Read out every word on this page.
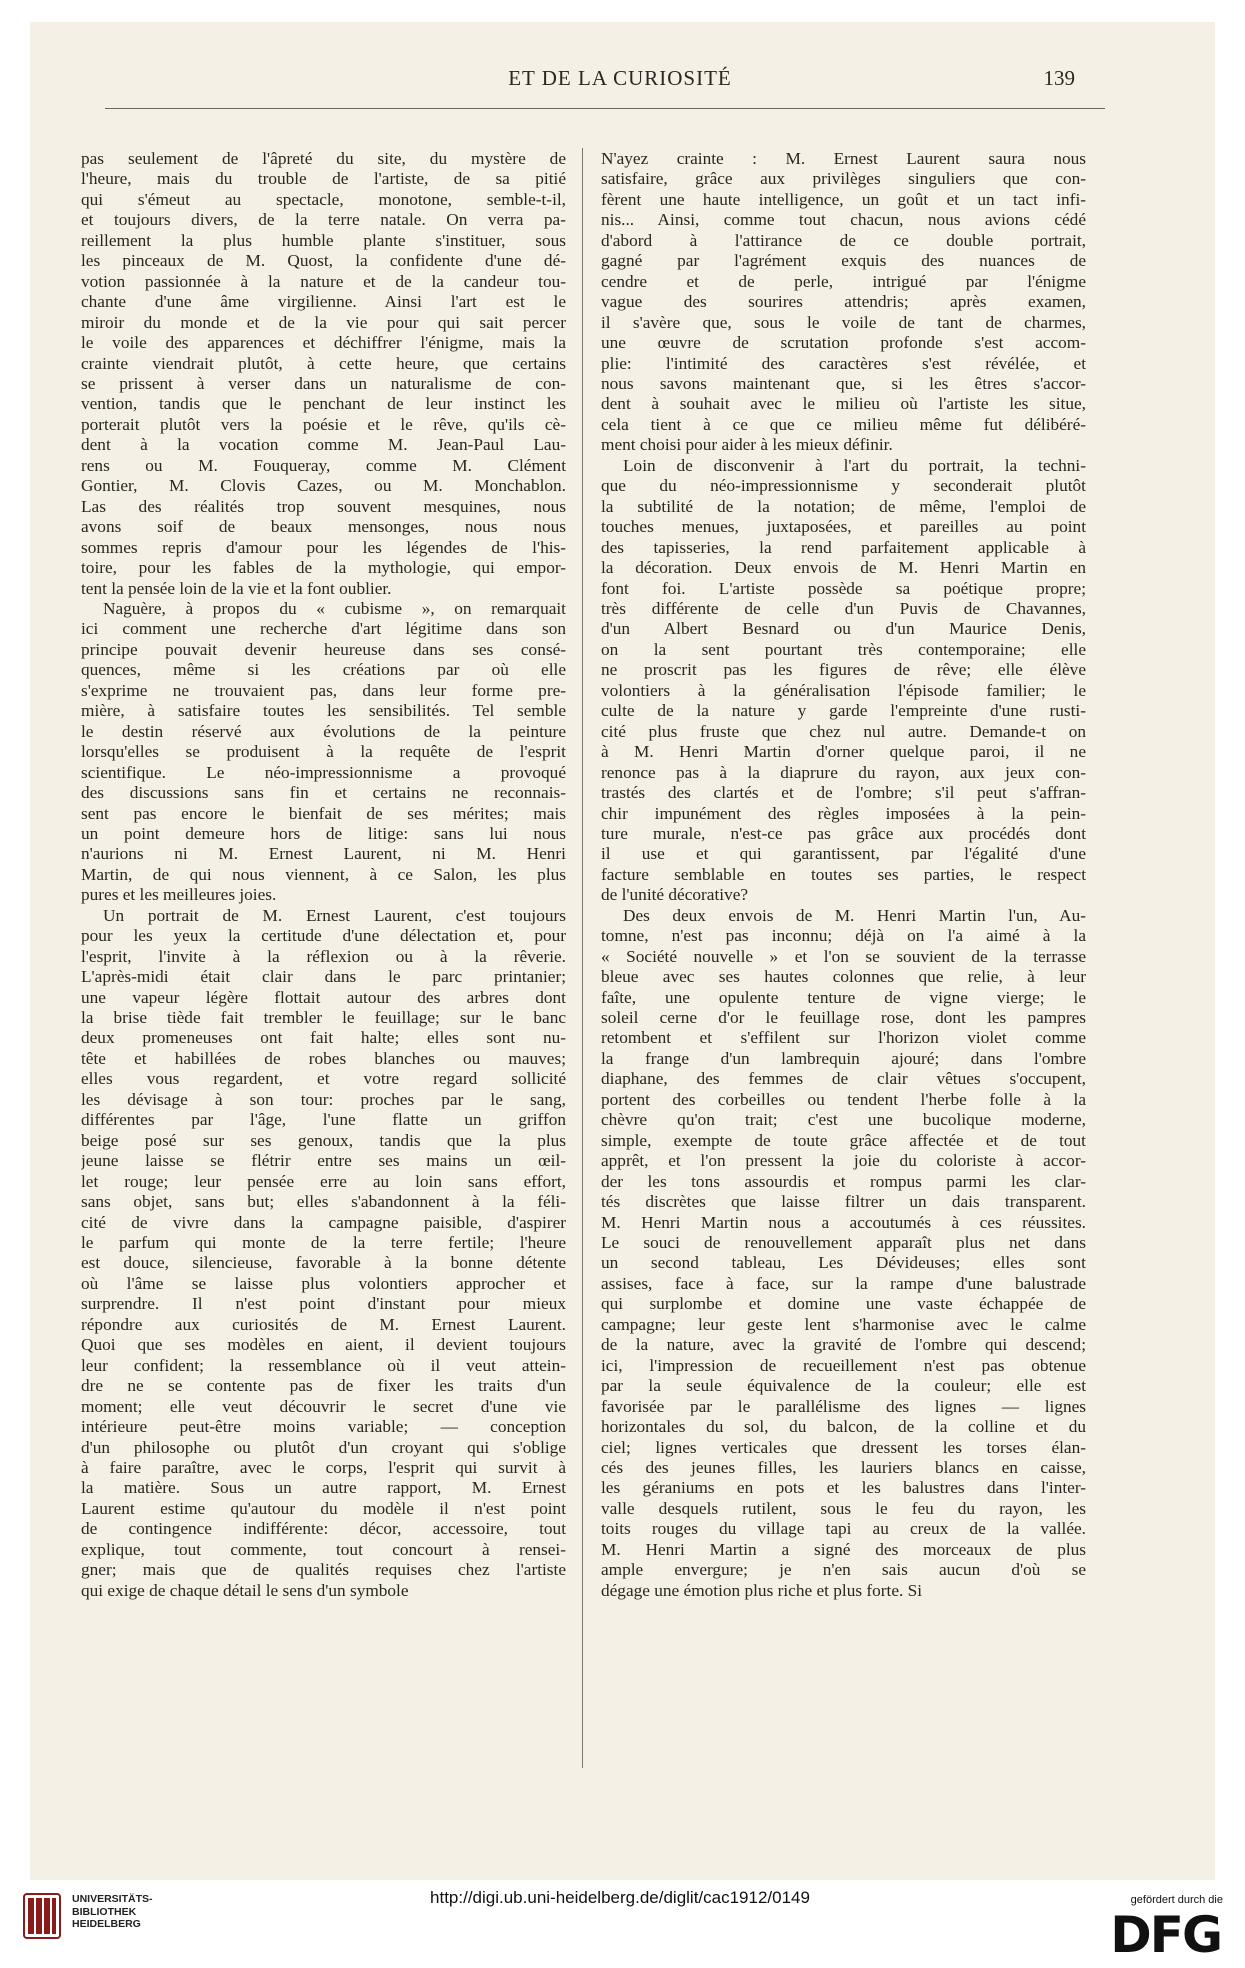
ET DE LA CURIOSITÉ	139

pas seulement de l'âpreté du site, du mystère de

l'heure, mais du trouble de l'artiste, de sa pitié

qui s'émeut au spectacle, monotone, semble-t-il,

et toujours divers, de la terre natale. On verra pa-

reillement la plus humble plante s'instituer, sous

les pinceaux de M. Quost, la confidente d'une dé-

votion passionnée à la nature et de la candeur tou-

chante d'une âme virgilienne. Ainsi l'art est le

miroir du monde et de la vie pour qui sait percer

le voile des apparences et déchiffrer l'énigme, mais la

crainte viendrait plutôt, à cette heure, que certains

se prissent à verser dans un naturalisme de con-

vention, tandis que le penchant de leur instinct les

porterait plutôt vers la poésie et le rêve, qu'ils cè-

dent à la vocation comme M. Jean-Paul Lau-

rens ou M. Fouqueray, comme M. Clément

Gontier, M. Clovis Cazes, ou M. Monchablon.

Las des réalités trop souvent mesquines, nous

avons soif de beaux mensonges, nous nous

sommes repris d'amour pour les légendes de l'his-

toire, pour les fables de la mythologie, qui empor-

tent la pensée loin de la vie et la font oublier.

Naguère, à propos du « cubisme », on remarquait

ici comment une recherche d'art légitime dans son

principe pouvait devenir heureuse dans ses consé-

quences, même si les créations par où elle

s'exprime ne trouvaient pas, dans leur forme pre-

mière, à satisfaire toutes les sensibilités. Tel semble

le destin réservé aux évolutions de la peinture

lorsqu'elles se produisent à la requête de l'esprit

scientifique. Le néo-impressionnisme a provoqué

des discussions sans fin et certains ne reconnais-

sent pas encore le bienfait de ses mérites; mais

un point demeure hors de litige: sans lui nous

n'aurions ni M. Ernest Laurent, ni M. Henri

Martin, de qui nous viennent, à ce Salon, les plus

pures et les meilleures joies.

Un portrait de M. Ernest Laurent, c'est toujours

pour les yeux la certitude d'une délectation et, pour

l'esprit, l'invite à la réflexion ou à la rêverie.

L'après-midi était clair dans le parc printanier;

une vapeur légère flottait autour des arbres dont

la brise tiède fait trembler le feuillage; sur le banc

deux promeneuses ont fait halte; elles sont nu-

tête et habillées de robes blanches ou mauves;

elles vous regardent, et votre regard sollicité

les dévisage à son tour: proches par le sang,

différentes par l'âge, l'une flatte un griffon

beige posé sur ses genoux, tandis que la plus

jeune laisse se flétrir entre ses mains un œil-

let rouge; leur pensée erre au loin sans effort,

sans objet, sans but; elles s'abandonnent à la féli-

cité de vivre dans la campagne paisible, d'aspirer

le parfum qui monte de la terre fertile; l'heure

est douce, silencieuse, favorable à la bonne détente

où l'âme se laisse plus volontiers approcher et

surprendre. Il n'est point d'instant pour mieux

répondre aux curiosités de M. Ernest Laurent.

Quoi que ses modèles en aient, il devient toujours

leur confident; la ressemblance où il veut attein-

dre ne se contente pas de fixer les traits d'un

moment; elle veut découvrir le secret d'une vie

intérieure peut-être moins variable; — conception

d'un philosophe ou plutôt d'un croyant qui s'oblige

à faire paraître, avec le corps, l'esprit qui survit à

la matière. Sous un autre rapport, M. Ernest

Laurent estime qu'autour du modèle il n'est point

de contingence indifférente: décor, accessoire, tout

explique, tout commente, tout concourt à rensei-

gner; mais que de qualités requises chez l'artiste

qui exige de chaque détail le sens d'un symbole

N'ayez crainte : M. Ernest Laurent saura nous

satisfaire, grâce aux privilèges singuliers que con-

fèrent une haute intelligence, un goût et un tact infi-

nis... Ainsi, comme tout chacun, nous avions cédé

d'abord à l'attirance de ce double portrait,

gagné par l'agrément exquis des nuances de

cendre et de perle, intrigué par l'énigme

vague des sourires attendris; après examen,

il s'avère que, sous le voile de tant de charmes,

une œuvre de scrutation profonde s'est accom-

plie: l'intimité des caractères s'est révélée, et

nous savons maintenant que, si les êtres s'accor-

dent à souhait avec le milieu où l'artiste les situe,

cela tient à ce que ce milieu même fut délibéré-

ment choisi pour aider à les mieux définir.

Loin de disconvenir à l'art du portrait, la techni-

que du néo-impressionnisme y seconderait plutôt

la subtilité de la notation; de même, l'emploi de

touches menues, juxtaposées, et pareilles au point

des tapisseries, la rend parfaitement applicable à

la décoration. Deux envois de M. Henri Martin en

font foi. L'artiste possède sa poétique propre;

très différente de celle d'un Puvis de Chavannes,

d'un Albert Besnard ou d'un Maurice Denis,

on la sent pourtant très contemporaine; elle

ne proscrit pas les figures de rêve; elle élève

volontiers à la généralisation l'épisode familier; le

culte de la nature y garde l'empreinte d'une rusti-

cité plus fruste que chez nul autre. Demande-t on

à M. Henri Martin d'orner quelque paroi, il ne

renonce pas à la diaprure du rayon, aux jeux con-

trastés des clartés et de l'ombre; s'il peut s'affran-

chir impunément des règles imposées à la pein-

ture murale, n'est-ce pas grâce aux procédés dont

il use et qui garantissent, par l'égalité d'une

facture semblable en toutes ses parties, le respect

de l'unité décorative?

Des deux envois de M. Henri Martin l'un, Au-

tomne, n'est pas inconnu; déjà on l'a aimé à la

« Société nouvelle » et l'on se souvient de la terrasse

bleue avec ses hautes colonnes que relie, à leur

faîte, une opulente tenture de vigne vierge; le

soleil cerne d'or le feuillage rose, dont les pampres

retombent et s'effilent sur l'horizon violet comme

la frange d'un lambrequin ajouré; dans l'ombre

diaphane, des femmes de clair vêtues s'occupent,

portent des corbeilles ou tendent l'herbe folle à la

chèvre qu'on trait; c'est une bucolique moderne,

simple, exempte de toute grâce affectée et de tout

apprêt, et l'on pressent la joie du coloriste à accor-

der les tons assourdis et rompus parmi les clar-

tés discrètes que laisse filtrer un dais transparent.

M. Henri Martin nous a accoutumés à ces réussites.

Le souci de renouvellement apparaît plus net dans

un second tableau, Les Dévideuses; elles sont

assises, face à face, sur la rampe d'une balustrade

qui surplombe et domine une vaste échappée de

campagne; leur geste lent s'harmonise avec le calme

de la nature, avec la gravité de l'ombre qui descend;

ici, l'impression de recueillement n'est pas obtenue

par la seule équivalence de la couleur; elle est

favorisée par le parallélisme des lignes — lignes

horizontales du sol, du balcon, de la colline et du

ciel; lignes verticales que dressent les torses élan-

cés des jeunes filles, les lauriers blancs en caisse,

les géraniums en pots et les balustres dans l'inter-

valle desquels rutilent, sous le feu du rayon, les

toits rouges du village tapi au creux de la vallée.

M. Henri Martin a signé des morceaux de plus

ample envergure; je n'en sais aucun d'où se

dégage une émotion plus riche et plus forte. Si

UNIVERSITÄTS-
BIBLIOTHEK
HEIDELBERG
http://digi.ub.uni-heidelberg.de/diglit/cac1912/0149	gefördert durch die
DFG
